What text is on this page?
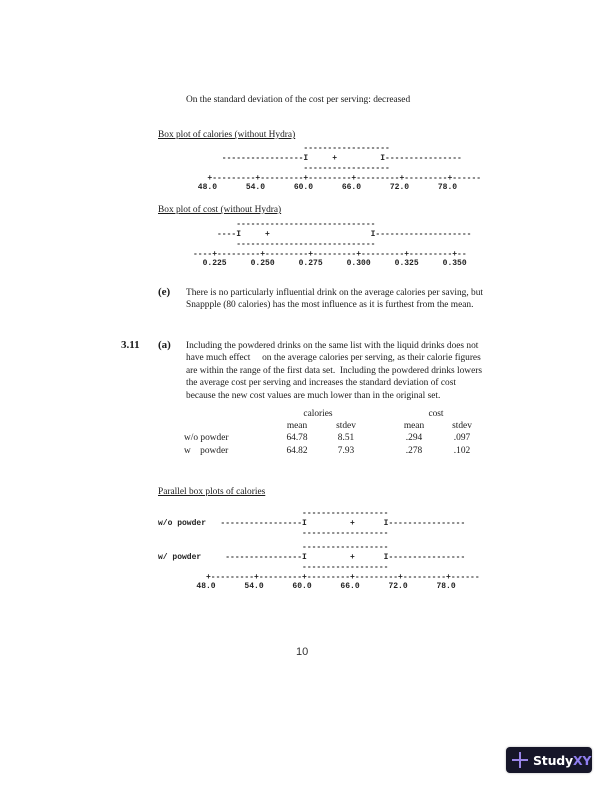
On the standard deviation of the cost per serving: decreased
Box plot of calories (without Hydra)
------------------
-----------------I     +         I----------------
------------------
+---------+---------+---------+---------+---------+------
48.0      54.0      60.0      66.0      72.0      78.0
Box plot of cost (without Hydra)
-----------------------------
----I     +                     I--------------------
-----------------------------
----+---------+---------+---------+---------+---------+--
0.225     0.250     0.275     0.300     0.325     0.350
(e) There is no particularly influential drink on the average calories per saving, but
Snappple (80 calories) has the most influence as it is furthest from the mean.
3.11 (a) Including the powdered drinks on the same list with the liquid drinks does not
have much effect     on the average calories per serving, as their calorie figures
are within the range of the first data set.  Including the powdered drinks lowers
the average cost per serving and increases the standard deviation of cost
because the new cost values are much lower than in the original set.
	calories			cost	
	mean	stdev		mean	stdev
w/o powder	64.78	8.51		.294	.097
w    powder	64.82	7.93		.278	.102
Parallel box plots of calories
------------------
w/o powder   -----------------I         +      I----------------
------------------
------------------
w/ powder     ----------------I         +      I----------------
------------------
+---------+---------+---------+---------+---------+------
48.0      54.0      60.0      66.0      72.0      78.0
10
StudyXY
